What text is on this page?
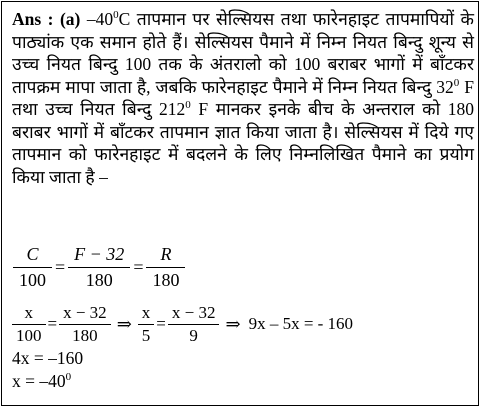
Ans : (a) $-40^0C$ तापमान पर सेल्सियस तथा फारेनहाइट तापमापियों के पाठ्यांक एक समान होते हैं। सेल्सियस पैमाने में निम्न नियत बिन्दु शून्य से उच्च नियत बिन्दु 100 तक के अंतरालो को 100 बराबर भागों में बाँटकर तापक्रम मापा जाता है, जबकि फारेनहाइट पैमाने में निम्न नियत बिन्दु $32^0$ F तथा उच्च नियत बिन्दु $212^0$ F मानकर इनके बीच के अन्तराल को 180 बराबर भागों में बाँटकर तापमान ज्ञात किया जाता है। सेल्सियस में दिये गए तापमान को फारेनहाइट में बदलने के लिए निम्नलिखित पैमाने का प्रयोग किया जाता है –
$\frac{C}{100} = \frac{F - 32}{180} = \frac{R}{180}$
$\frac{x}{100} = \frac{x - 32}{180}$ ⇒ $\frac{x}{5} = \frac{x - 32}{9}$ ⇒ 9x – 5x = - 160
4x = –160
$x = -40^0$
